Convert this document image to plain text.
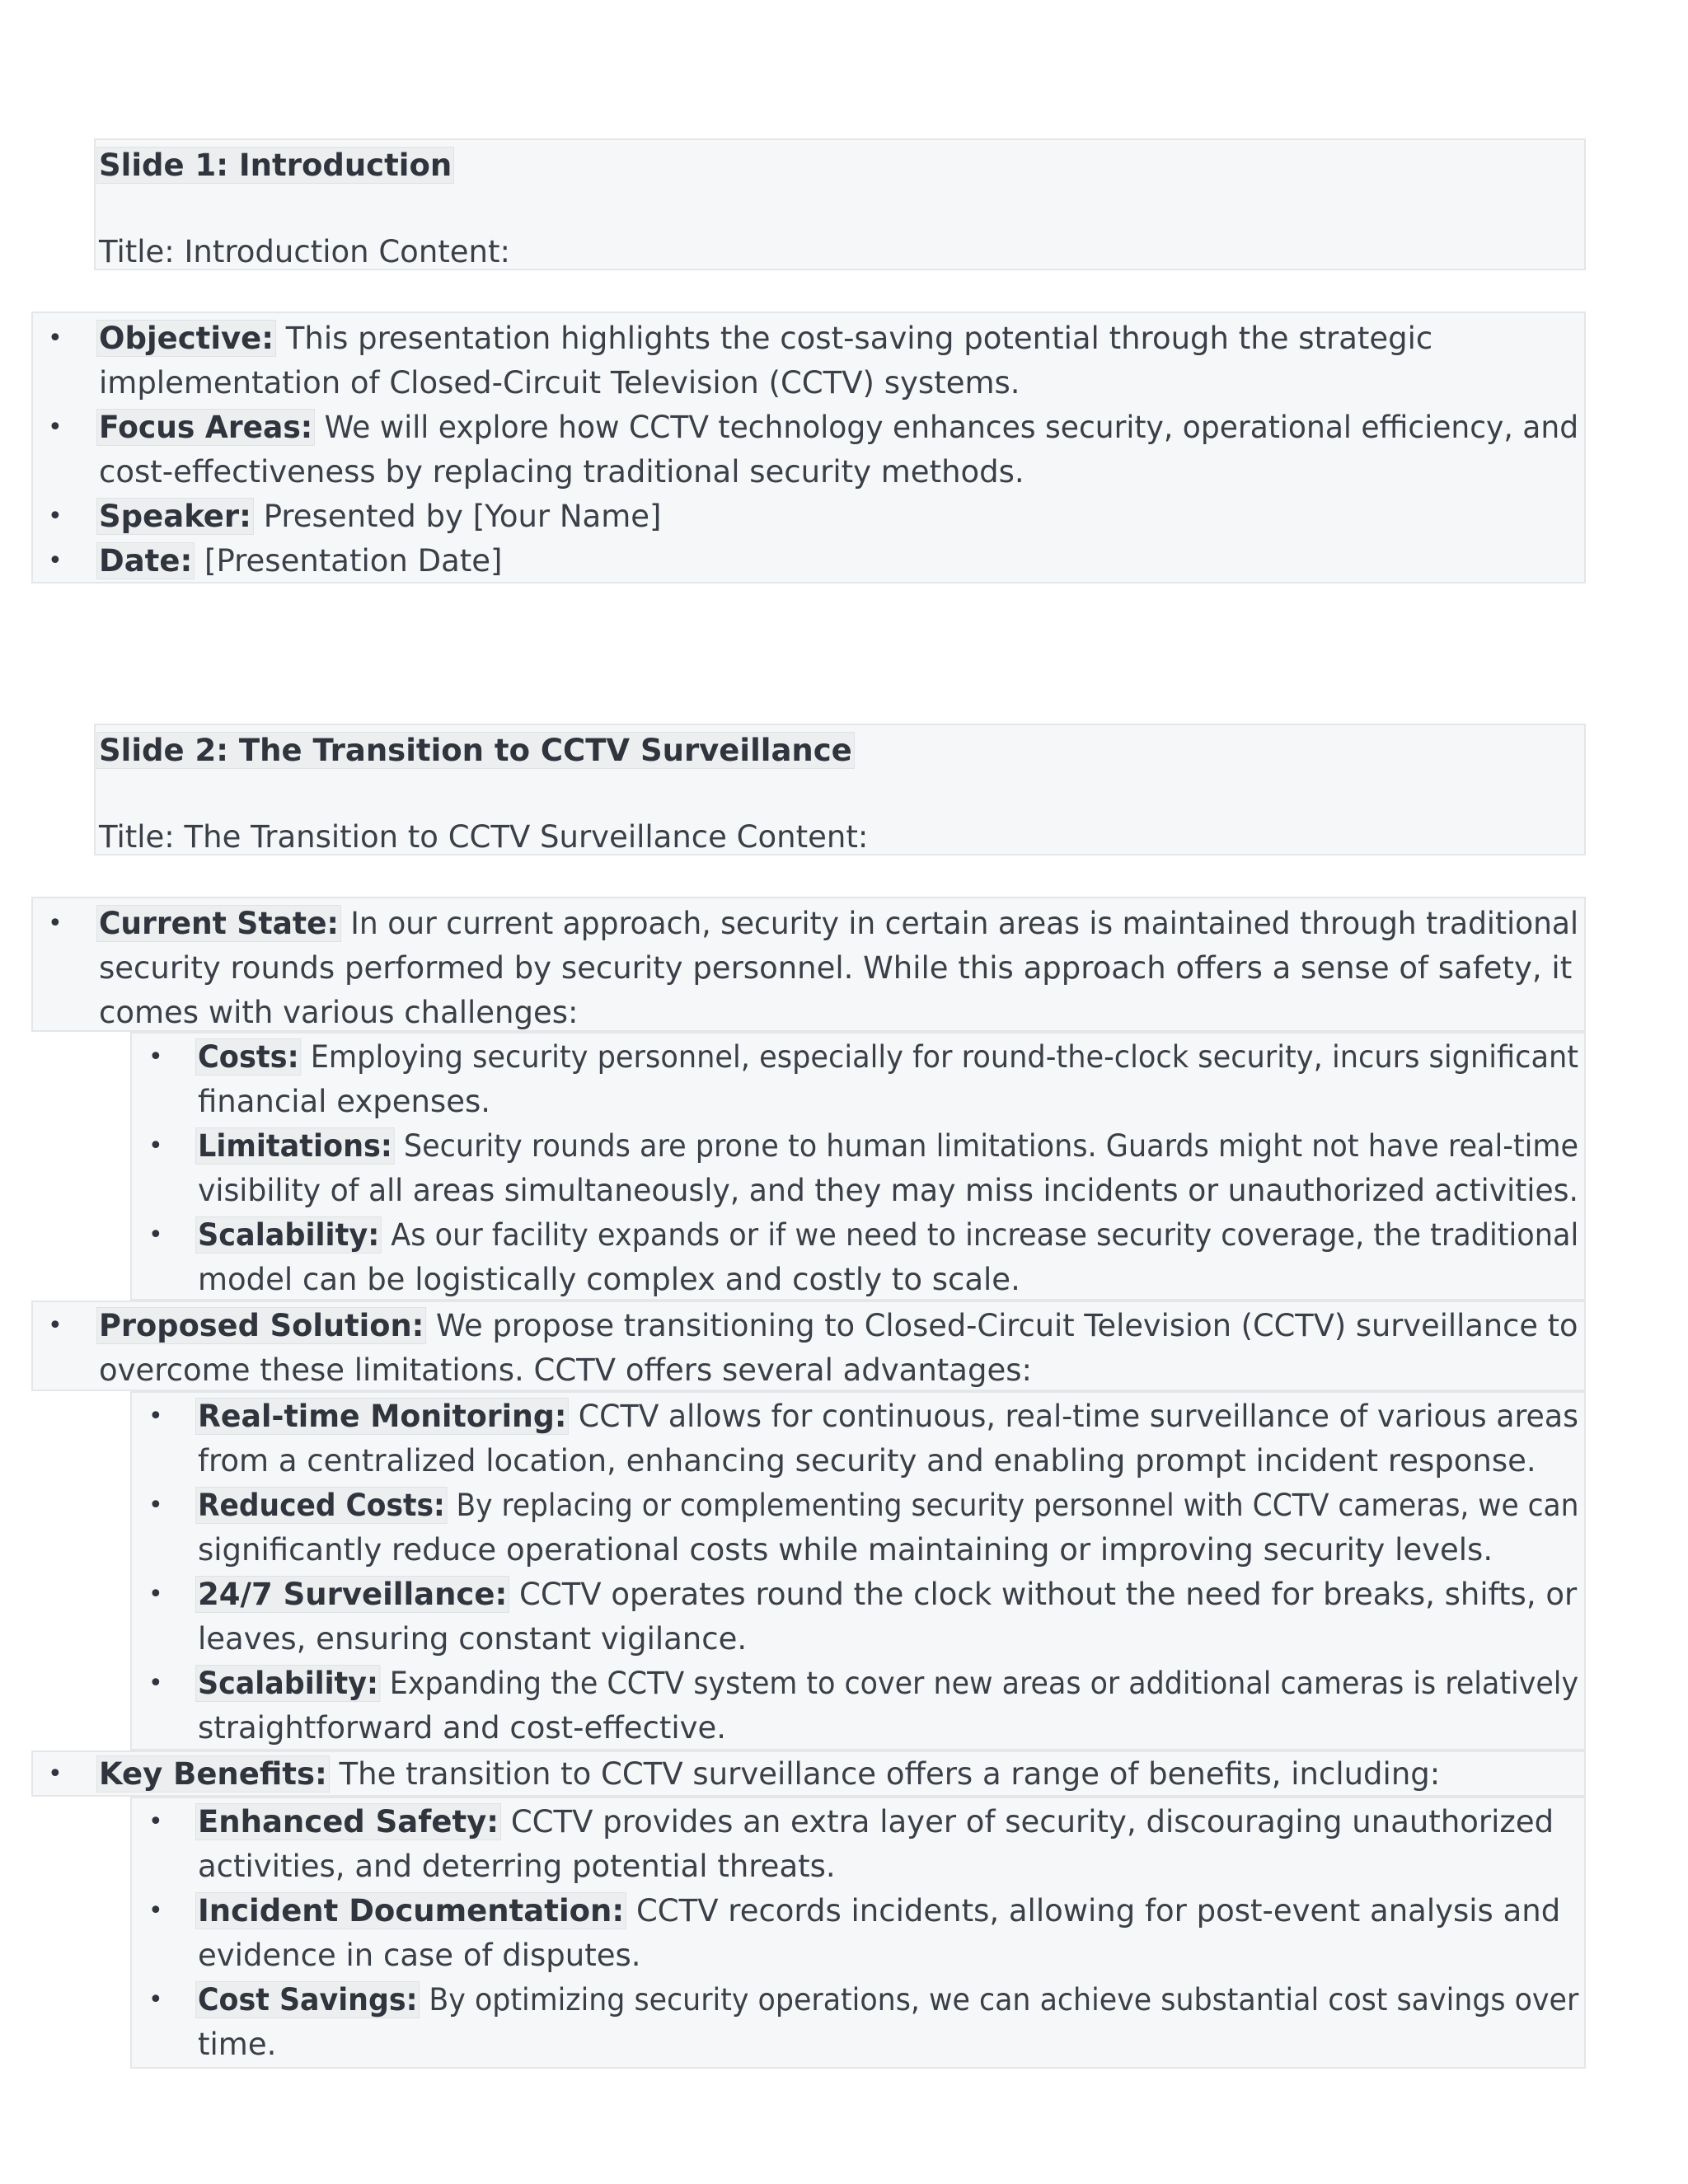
Slide 1: Introduction
Title: Introduction Content:
• Objective: This presentation highlights the cost-saving potential through the strategic
implementation of Closed-Circuit Television (CCTV) systems.
• Focus Areas: We will explore how CCTV technology enhances security, operational efficiency, and
cost-effectiveness by replacing traditional security methods.
• Speaker: Presented by [Your Name]
• Date: [Presentation Date]
Slide 2: The Transition to CCTV Surveillance
Title: The Transition to CCTV Surveillance Content:
• Current State: In our current approach, security in certain areas is maintained through traditional
security rounds performed by security personnel. While this approach offers a sense of safety, it
comes with various challenges:
• Costs: Employing security personnel, especially for round-the-clock security, incurs significant
financial expenses.
• Limitations: Security rounds are prone to human limitations. Guards might not have real-time
visibility of all areas simultaneously, and they may miss incidents or unauthorized activities.
• Scalability: As our facility expands or if we need to increase security coverage, the traditional
model can be logistically complex and costly to scale.
• Proposed Solution: We propose transitioning to Closed-Circuit Television (CCTV) surveillance to
overcome these limitations. CCTV offers several advantages:
• Real-time Monitoring: CCTV allows for continuous, real-time surveillance of various areas
from a centralized location, enhancing security and enabling prompt incident response.
• Reduced Costs: By replacing or complementing security personnel with CCTV cameras, we can
significantly reduce operational costs while maintaining or improving security levels.
• 24/7 Surveillance: CCTV operates round the clock without the need for breaks, shifts, or
leaves, ensuring constant vigilance.
• Scalability: Expanding the CCTV system to cover new areas or additional cameras is relatively
straightforward and cost-effective.
• Key Benefits: The transition to CCTV surveillance offers a range of benefits, including:
• Enhanced Safety: CCTV provides an extra layer of security, discouraging unauthorized
activities, and deterring potential threats.
• Incident Documentation: CCTV records incidents, allowing for post-event analysis and
evidence in case of disputes.
• Cost Savings: By optimizing security operations, we can achieve substantial cost savings over
time.
